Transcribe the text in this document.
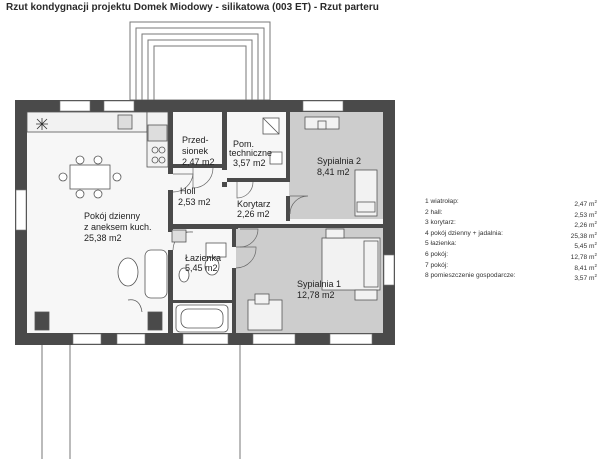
Rzut kondygnacji projektu Domek Miodowy - silikatowa (003 ET) - Rzut parteru
Przed-
sionek
2,47 m2
Pom.
techniczne
3,57 m2	Sypialnia 2
8,41 m2
Holl
2,53 m2	Korytarz
2,26 m2
Pokój dzienny
z aneksem kuch.
25,38 m2
Łazienka
5,45 m2
Sypialnia 1
12,78 m2
1 wiatrołap:	2,47 $m^2$
2 hall:	2,53 $m^2$
3 korytarz:	2,26 $m^2$
4 pokój dzienny + jadalnia:	25,38 $m^2$
5 łazienka:	5,45 $m^2$
6 pokój:	12,78 $m^2$
7 pokój:	8,41 $m^2$
8 pomieszczenie gospodarcze:	3,57 $m^2$
